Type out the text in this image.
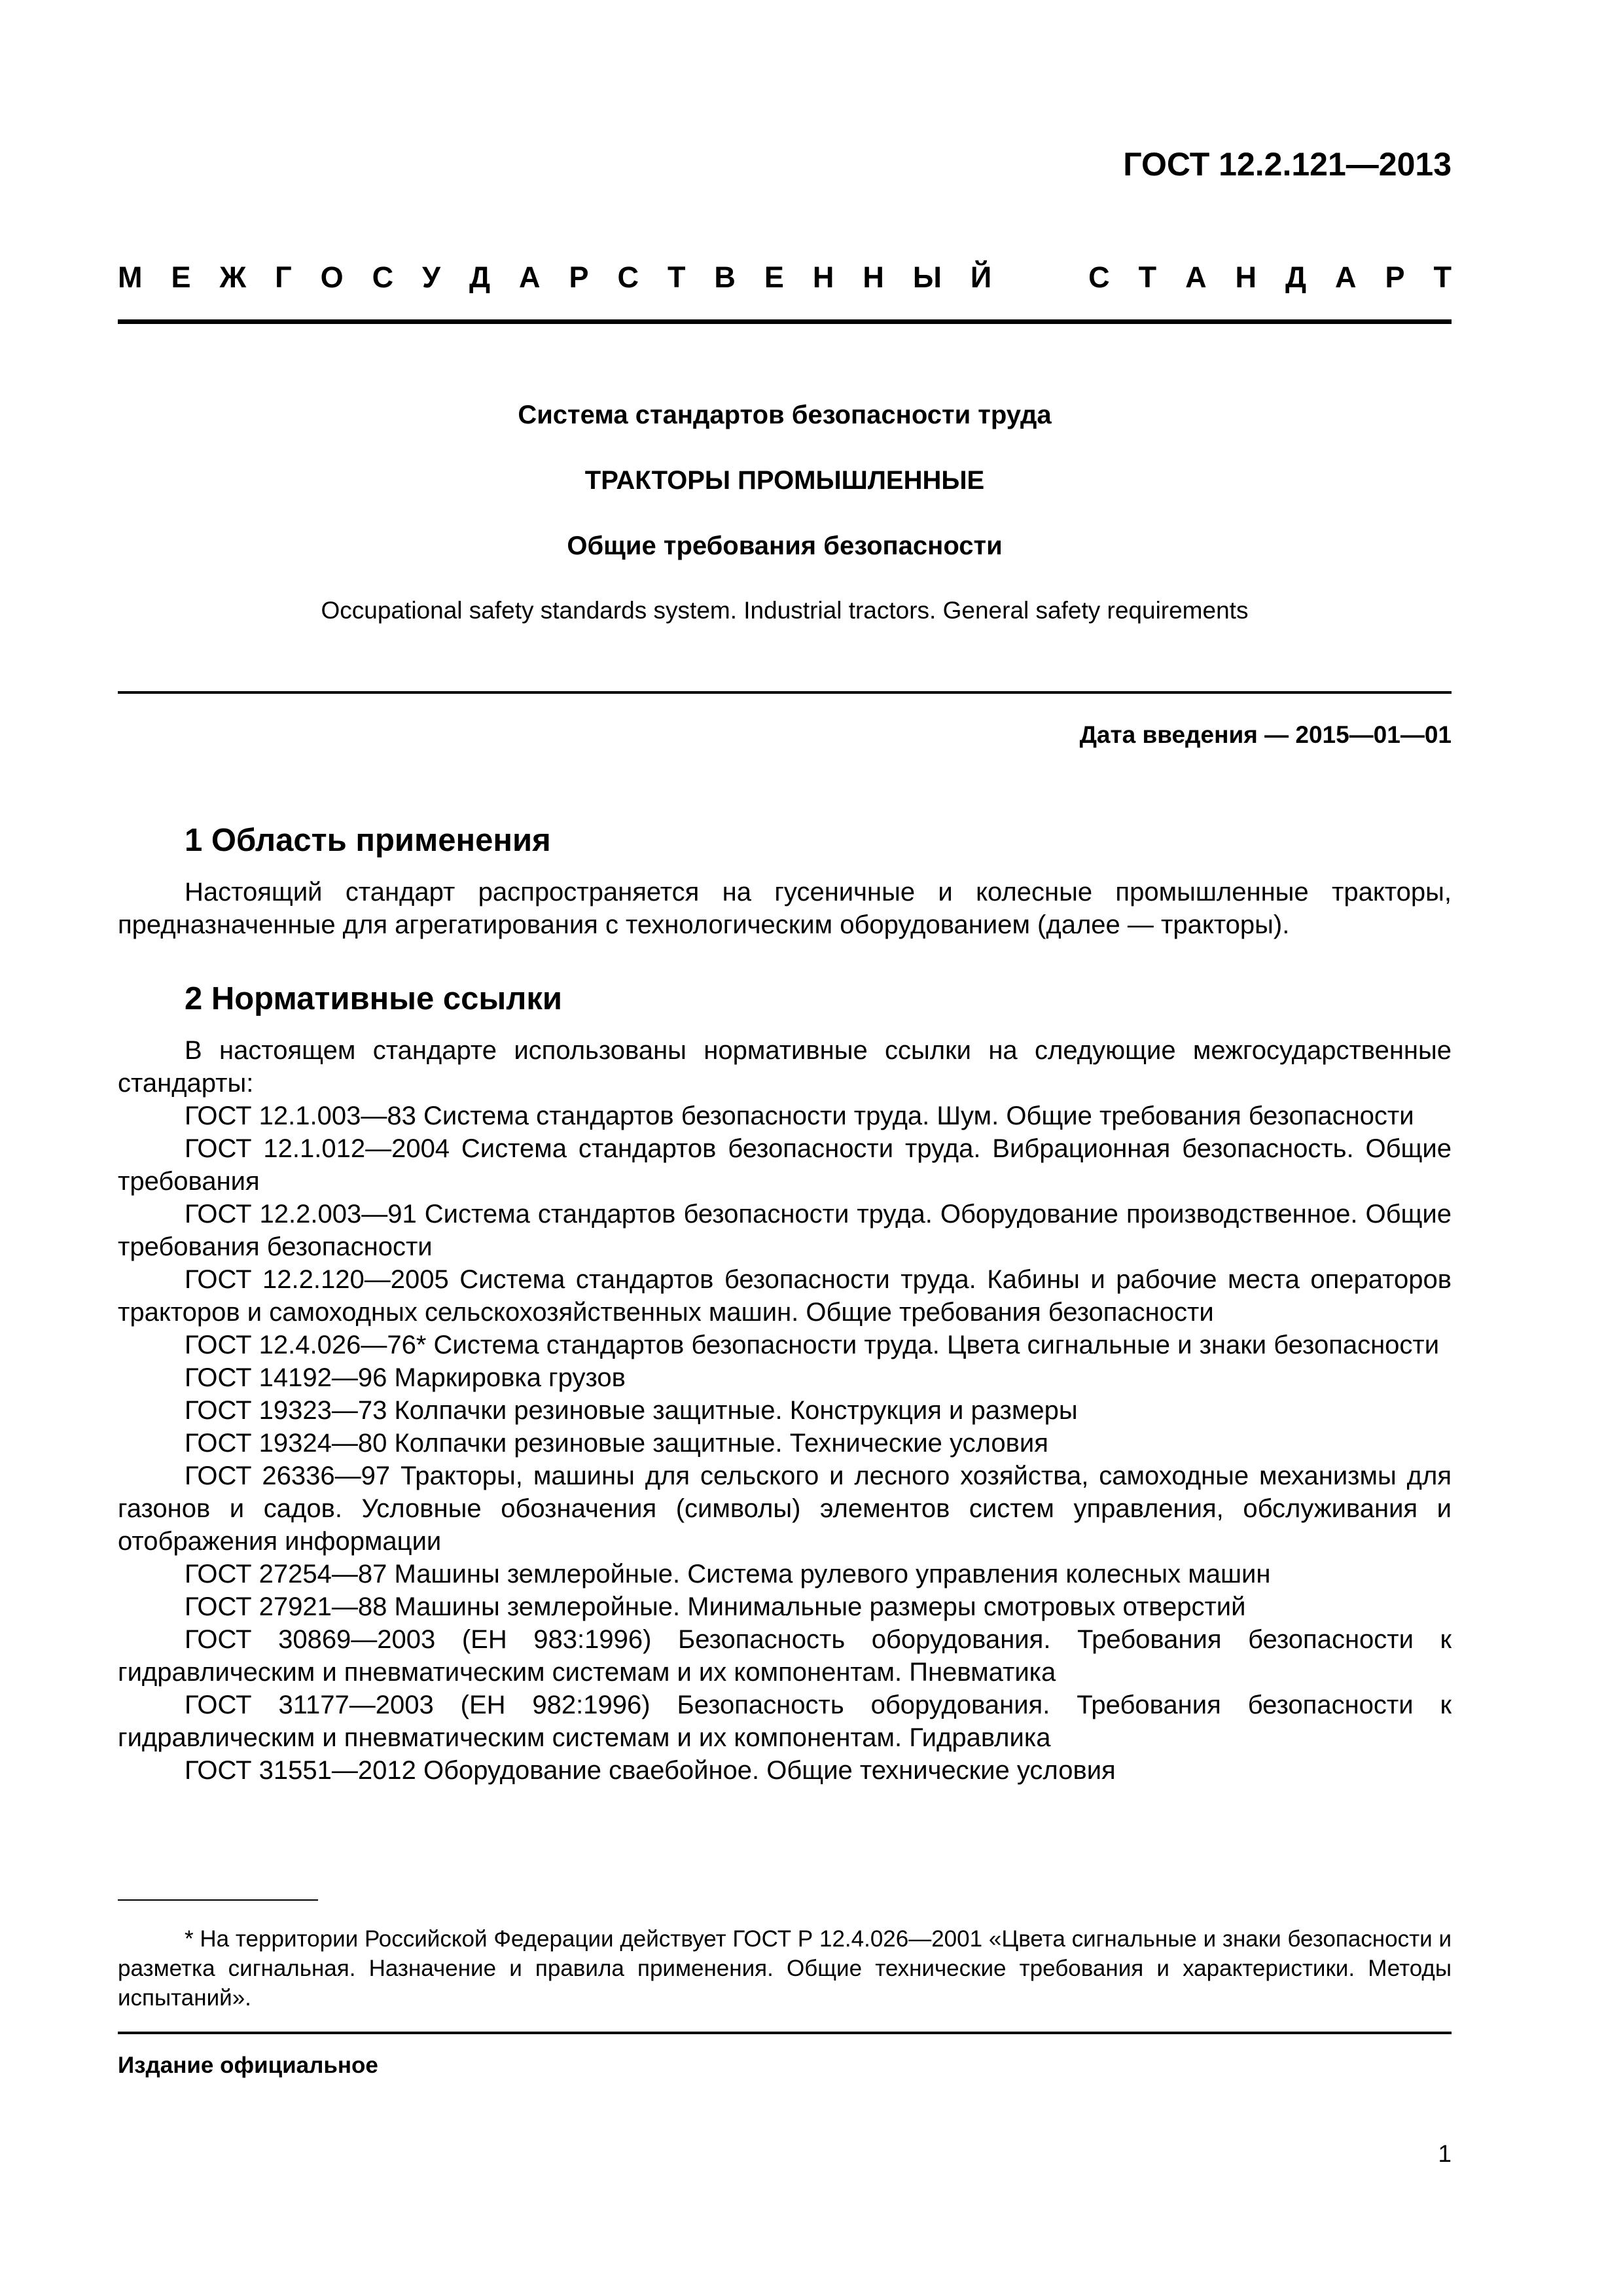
ГОСТ 12.2.121—2013
М Е Ж Г О С У Д А Р С Т В Е Н Н Ы Й	С Т А Н Д А Р Т
Система стандартов безопасности труда
ТРАКТОРЫ ПРОМЫШЛЕННЫЕ
Общие требования безопасности
Occupational safety standards system. Industrial tractors. General safety requirements
Дата введения — 2015—01—01
1 Область применения

Настоящий стандарт распространяется на гусеничные и колесные промышленные тракторы, предназначенные для агрегатирования с технологическим оборудованием (далее — тракторы).

2 Нормативные ссылки

В настоящем стандарте использованы нормативные ссылки на следующие межгосударственные стандарты:

ГОСТ 12.1.003—83 Система стандартов безопасности труда. Шум. Общие требования безопасности

ГОСТ 12.1.012—2004 Система стандартов безопасности труда. Вибрационная безопасность. Общие требования

ГОСТ 12.2.003—91 Система стандартов безопасности труда. Оборудование производственное. Общие требования безопасности

ГОСТ 12.2.120—2005 Система стандартов безопасности труда. Кабины и рабочие места операторов тракторов и самоходных сельскохозяйственных машин. Общие требования безопасности

ГОСТ 12.4.026—76* Система стандартов безопасности труда. Цвета сигнальные и знаки безопасности

ГОСТ 14192—96 Маркировка грузов

ГОСТ 19323—73 Колпачки резиновые защитные. Конструкция и размеры

ГОСТ 19324—80 Колпачки резиновые защитные. Технические условия

ГОСТ 26336—97 Тракторы, машины для сельского и лесного хозяйства, самоходные механизмы для газонов и садов. Условные обозначения (символы) элементов систем управления, обслуживания и отображения информации

ГОСТ 27254—87 Машины землеройные. Система рулевого управления колесных машин

ГОСТ 27921—88 Машины землеройные. Минимальные размеры смотровых отверстий

ГОСТ 30869—2003 (ЕН 983:1996) Безопасность оборудования. Требования безопасности к гидравлическим и пневматическим системам и их компонентам. Пневматика

ГОСТ 31177—2003 (ЕН 982:1996) Безопасность оборудования. Требования безопасности к гидравлическим и пневматическим системам и их компонентам. Гидравлика

ГОСТ 31551—2012 Оборудование сваебойное. Общие технические условия

* На территории Российской Федерации действует ГОСТ Р 12.4.026—2001 «Цвета сигнальные и знаки безопасности и разметка сигнальная. Назначение и правила применения. Общие технические требования и характеристики. Методы испытаний».

Издание официальное
1
